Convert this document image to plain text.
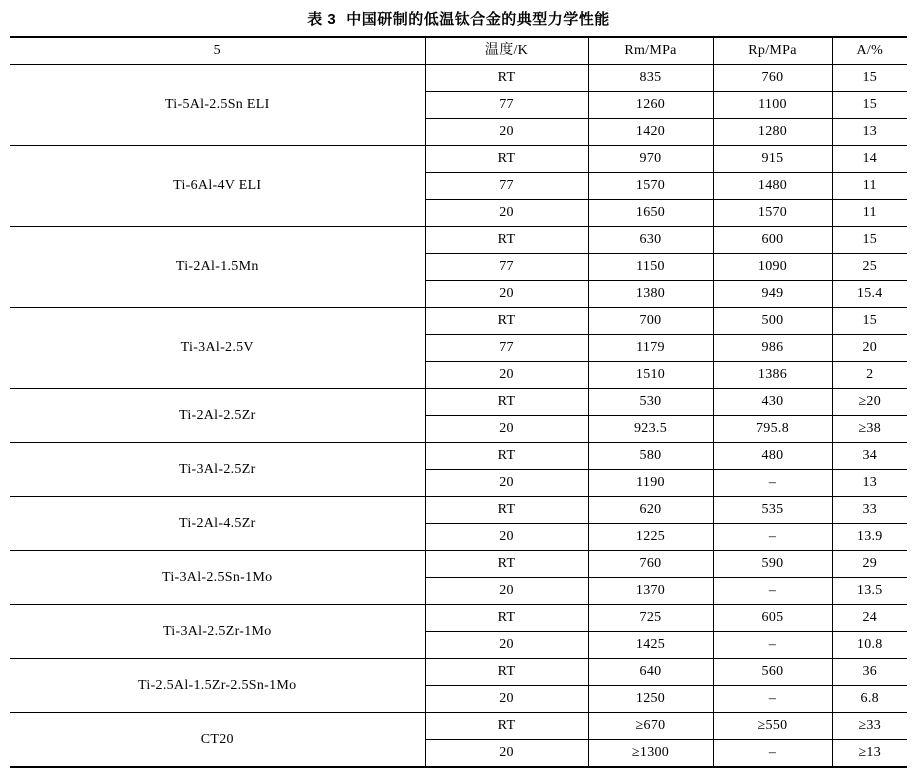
表 3 中国研制的低温钛合金的典型力学性能
5	温度/K	Rm/MPa	Rp/MPa	A/%
Ti-5Al-2.5Sn ELI	RT	835	760	15
	77	1260	1100	15
	20	1420	1280	13
Ti-6Al-4V ELI	RT	970	915	14
	77	1570	1480	11
	20	1650	1570	11
Ti-2Al-1.5Mn	RT	630	600	15
	77	1150	1090	25
	20	1380	949	15.4
Ti-3Al-2.5V	RT	700	500	15
	77	1179	986	20
	20	1510	1386	2
Ti-2Al-2.5Zr	RT	530	430	≥20
	20	923.5	795.8	≥38
Ti-3Al-2.5Zr	RT	580	480	34
	20	1190	–	13
Ti-2Al-4.5Zr	RT	620	535	33
	20	1225	–	13.9
Ti-3Al-2.5Sn-1Mo	RT	760	590	29
	20	1370	–	13.5
Ti-3Al-2.5Zr-1Mo	RT	725	605	24
	20	1425	–	10.8
Ti-2.5Al-1.5Zr-2.5Sn-1Mo	RT	640	560	36
	20	1250	–	6.8
CT20	RT	≥670	≥550	≥33
	20	≥1300	–	≥13
